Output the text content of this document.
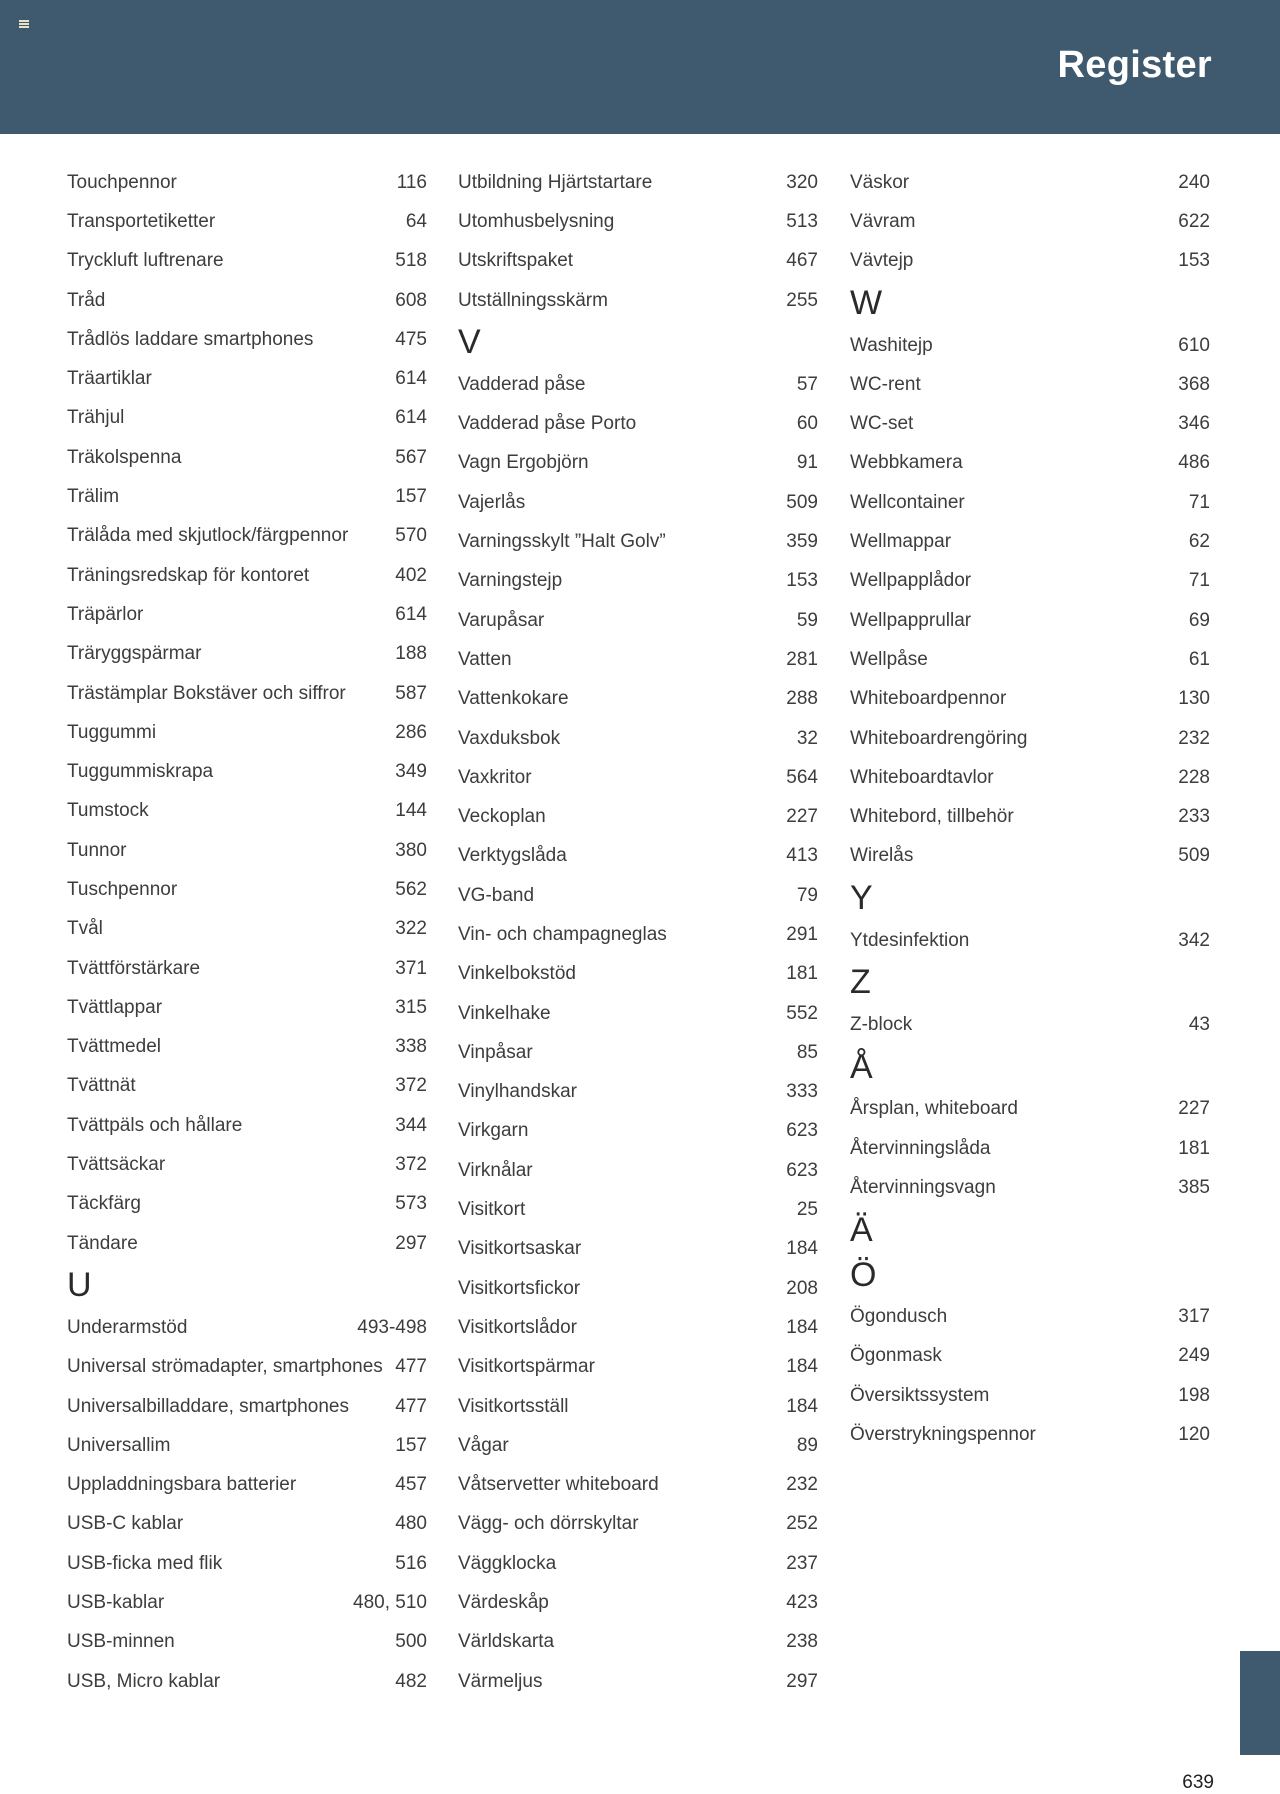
Register
Touchpennor	116
Transportetiketter	64
Tryckluft luftrenare	518
Tråd	608
Trådlös laddare smartphones	475
Träartiklar	614
Trähjul	614
Träkolspenna	567
Trälim	157
Trälåda med skjutlock/färgpennor 570
Träningsredskap för kontoret	402
Träpärlor	614
Träryggspärmar	188
Trästämplar Bokstäver och siffror	587
Tuggummi	286
Tuggummiskrapa	349
Tumstock	144
Tunnor	380
Tuschpennor	562
Tvål	322
Tvättförstärkare	371
Tvättlappar	315
Tvättmedel	338
Tvättnät	372
Tvättpäls och hållare	344
Tvättsäckar	372
Täckfärg	573
Tändare	297
U
Underarmstöd	493-498
Universal strömadapter, smartphones 477
Universalbilladdare, smartphones 477
Universallim	157
Uppladdningsbara batterier	457
USB-C kablar	480
USB-ficka med flik	516
USB-kablar	480, 510
USB-minnen	500
USB, Micro kablar	482
Utbildning Hjärtstartare	320
Utomhusbelysning	513
Utskriftspaket	467
Utställningsskärm	255
V
Vadderad påse	57
Vadderad påse Porto	60
Vagn Ergobjörn	91
Vajerlås	509
Varningsskylt ”Halt Golv”	359
Varningstejp	153
Varupåsar	59
Vatten	281
Vattenkokare	288
Vaxduksbok	32
Vaxkritor	564
Veckoplan	227
Verktygslåda	413
VG-band	79
Vin- och champagneglas	291
Vinkelbokstöd	181
Vinkelhake	552
Vinpåsar	85
Vinylhandskar	333
Virkgarn	623
Virknålar	623
Visitkort	25
Visitkortsaskar	184
Visitkortsfickor	208
Visitkortslådor	184
Visitkortspärmar	184
Visitkortsställ	184
Vågar	89
Våtservetter whiteboard	232
Vägg- och dörrskyltar	252
Väggklocka	237
Värdeskåp	423
Världskarta	238
Värmeljus	297
Väskor	240
Vävram	622
Vävtejp	153
W
Washitejp	610
WC-rent	368
WC-set	346
Webbkamera	486
Wellcontainer	71
Wellmappar	62
Wellpapplådor	71
Wellpapprullar	69
Wellpåse	61
Whiteboardpennor	130
Whiteboardrengöring	232
Whiteboardtavlor	228
Whitebord, tillbehör	233
Wirelås	509
Y
Ytdesinfektion	342
Z
Z-block	43
Å
Årsplan, whiteboard	227
Återvinningslåda	181
Återvinningsvagn	385
Ä
Ö
Ögondusch	317
Ögonmask	249
Översiktssystem	198
Överstrykningspennor	120
639
